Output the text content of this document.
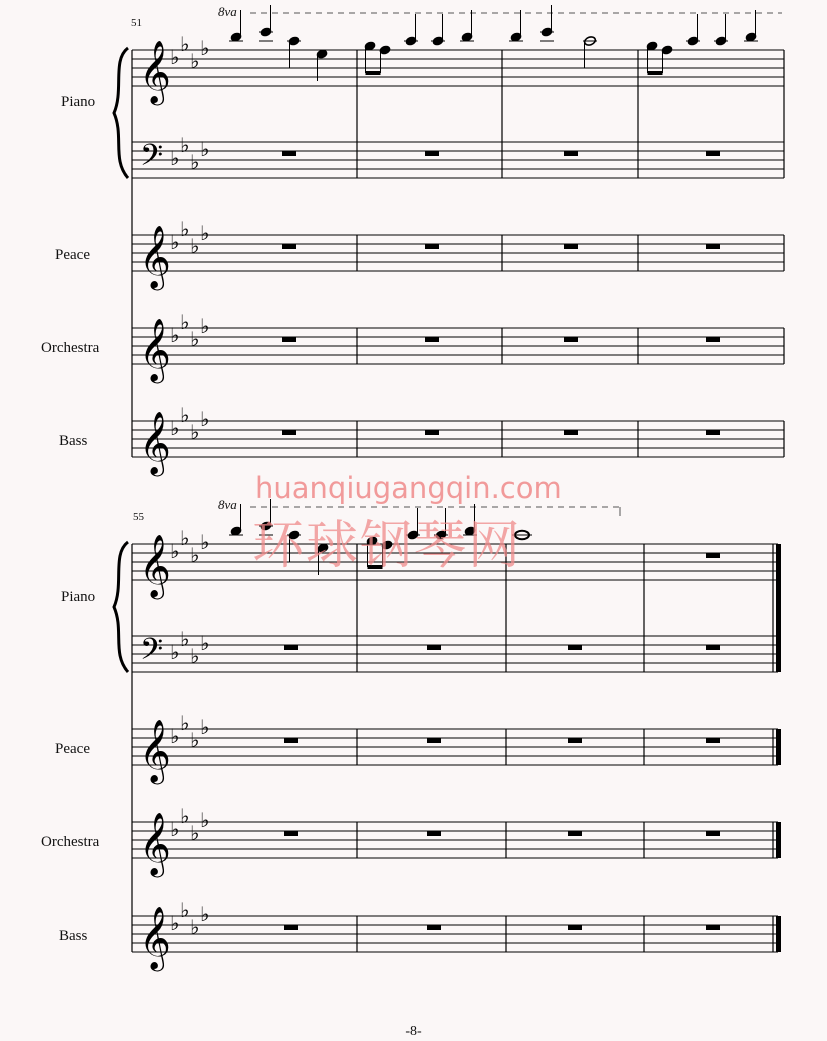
51
8va
Piano
Peace
Orchestra
Bass
𝄞
𝄢
𝄞
𝄞
𝄞
♭
♭
♭
♭
♭
♭
♭
♭
♭
♭
♭
♭
♭
♭
♭
♭
♭
♭
♭
♭
55
8va
Piano
Peace
Orchestra
Bass
𝄞
𝄢
𝄞
𝄞
𝄞
♭
♭
♭
♭
♭
♭
♭
♭
♭
♭
♭
♭
♭
♭
♭
♭
♭
♭
♭
♭
huanqiugangqin.com
环球钢琴网
-8-
